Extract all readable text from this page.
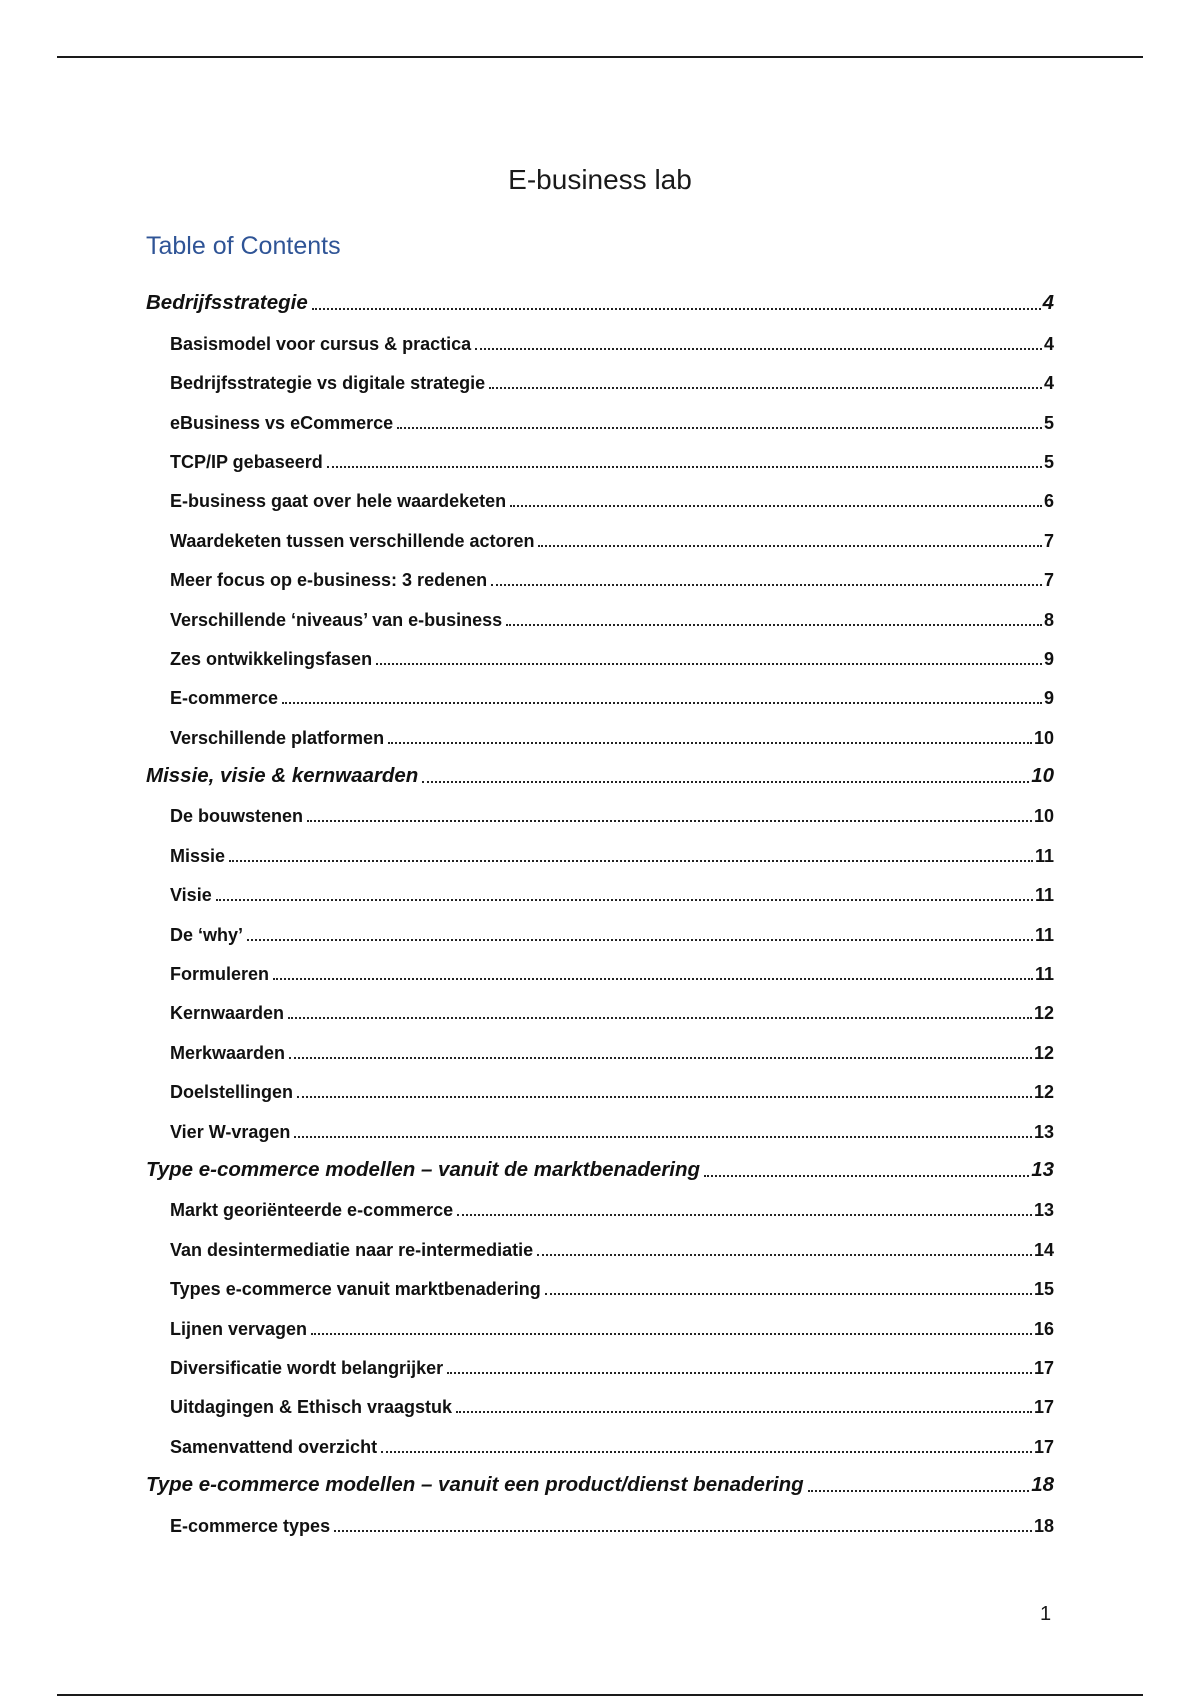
E-business lab
Table of Contents
Bedrijfsstrategie	4
Basismodel voor cursus & practica	4
Bedrijfsstrategie vs digitale strategie	4
eBusiness vs eCommerce	5
TCP/IP gebaseerd	5
E-business gaat over hele waardeketen	6
Waardeketen tussen verschillende actoren	7
Meer focus op e-business: 3 redenen	7
Verschillende ‘niveaus’ van e-business	8
Zes ontwikkelingsfasen	9
E-commerce	9
Verschillende platformen	10
Missie, visie & kernwaarden	10
De bouwstenen	10
Missie	11
Visie	11
De ‘why’	11
Formuleren	11
Kernwaarden	12
Merkwaarden	12
Doelstellingen	12
Vier W-vragen	13
Type e-commerce modellen – vanuit de marktbenadering	13
Markt georiënteerde e-commerce	13
Van desintermediatie naar re-intermediatie	14
Types e-commerce vanuit marktbenadering	15
Lijnen vervagen	16
Diversificatie wordt belangrijker	17
Uitdagingen & Ethisch vraagstuk	17
Samenvattend overzicht	17
Type e-commerce modellen – vanuit een product/dienst benadering	18
E-commerce types	18
1
